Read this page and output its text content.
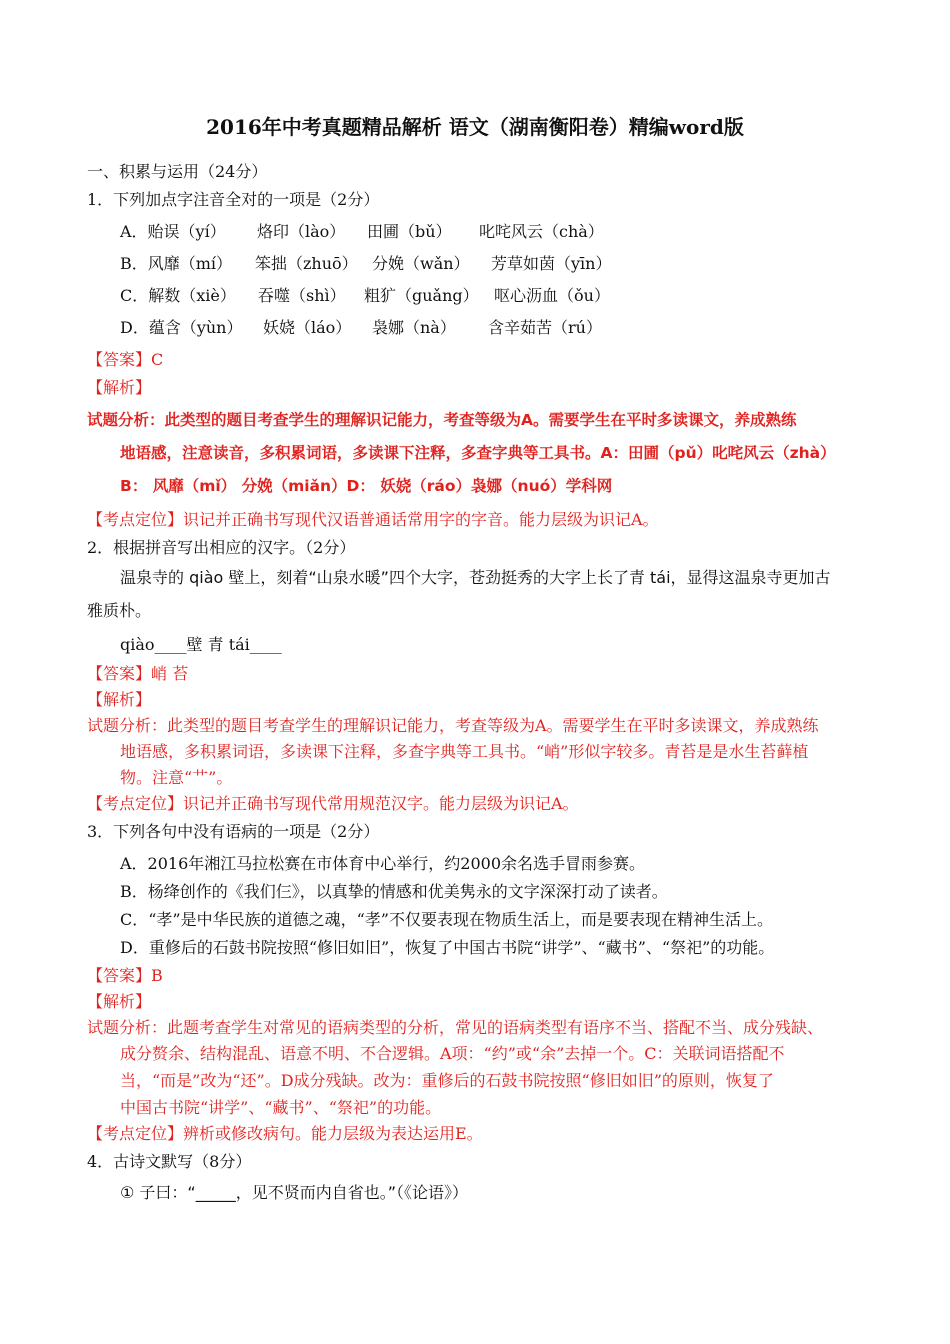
2016年中考真题精品解析 语文（湖南衡阳卷）精编word版
一、积累与运用（24分）
1．下列加点字注音全对的一项是（2分）
A．贻误（yí） 烙印（lào） 田圃（bǔ） 叱咤风云（chà）
B．风靡（mí） 笨拙（zhuō） 分娩（wǎn） 芳草如茵（yīn）
C．解数（xiè） 吞噬（shì） 粗犷（guǎng） 呕心沥血（ǒu）
D．蕴含（yùn） 妖娆（láo） 袅娜（nà） 含辛茹苦（rú）
【答案】C
【解析】
试题分析：此类型的题目考查学生的理解识记能力，考查等级为A。需要学生在平时多读课文，养成熟练
地语感，注意读音，多积累词语，多读课下注释，多查字典等工具书。A：田圃（pǔ）叱咤风云（zhà）
B： 风靡（mǐ） 分娩（miǎn）D： 妖娆（ráo）袅娜（nuó）学科网
【考点定位】识记并正确书写现代汉语普通话常用字的字音。能力层级为识记A。
2．根据拼音写出相应的汉字。（2分）
温泉寺的 qiào 壁上，刻着“山泉水暖”四个大字，苍劲挺秀的大字上长了青 tái，显得这温泉寺更加古
雅质朴。
qiào____壁 青 tái____
【答案】峭 苔
【解析】
试题分析：此类型的题目考查学生的理解识记能力，考查等级为A。需要学生在平时多读课文，养成熟练
地语感，多积累词语，多读课下注释，多查字典等工具书。“峭”形似字较多。青苔是是水生苔藓植
物。注意“艹”。
【考点定位】识记并正确书写现代常用规范汉字。能力层级为识记A。
3．下列各句中没有语病的一项是（2分）
A．2016年湘江马拉松赛在市体育中心举行，约2000余名选手冒雨参赛。
B．杨绛创作的《我们仨》，以真挚的情感和优美隽永的文字深深打动了读者。
C．“孝”是中华民族的道德之魂，“孝”不仅要表现在物质生活上，而是要表现在精神生活上。
D．重修后的石鼓书院按照“修旧如旧”，恢复了中国古书院“讲学”、“藏书”、“祭祀”的功能。
【答案】B
【解析】
试题分析：此题考查学生对常见的语病类型的分析，常见的语病类型有语序不当、搭配不当、成分残缺、
成分赘余、结构混乱、语意不明、不合逻辑。A项：“约”或“余”去掉一个。C：关联词语搭配不
当，“而是”改为“还”。D成分残缺。改为：重修后的石鼓书院按照“修旧如旧”的原则，恢复了
中国古书院“讲学”、“藏书”、“祭祀”的功能。
【考点定位】辨析或修改病句。能力层级为表达运用E。
4．古诗文默写（8分）
① 子曰：“_____，见不贤而内自省也。”（《论语》）
